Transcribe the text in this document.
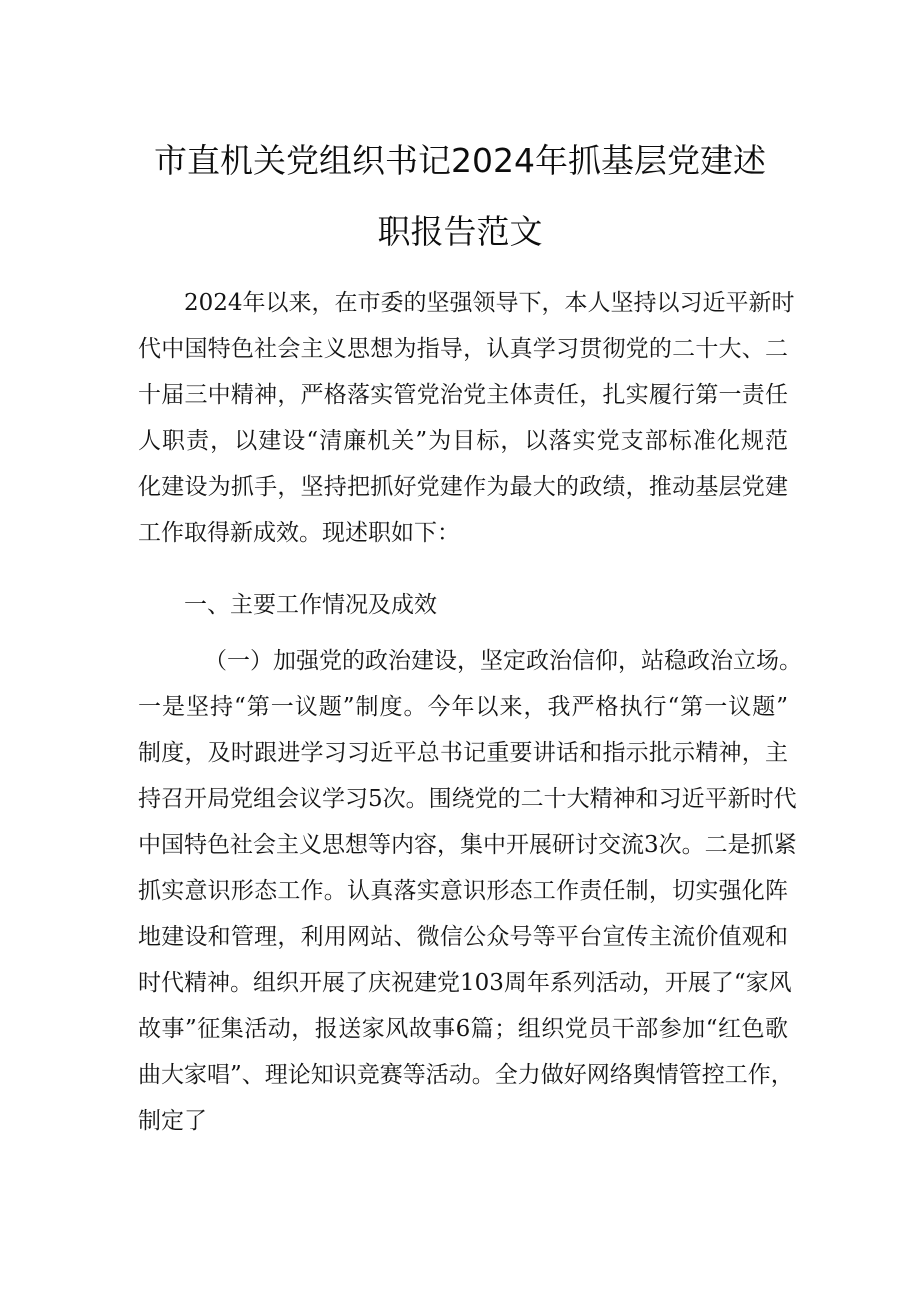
市直机关党组织书记2024年抓基层党建述
职报告范文
2024年以来，在市委的坚强领导下，本人坚持以习近平新时
代中国特色社会主义思想为指导，认真学习贯彻党的二十大、二
十届三中精神，严格落实管党治党主体责任，扎实履行第一责任
人职责，以建设“清廉机关”为目标，以落实党支部标准化规范
化建设为抓手，坚持把抓好党建作为最大的政绩，推动基层党建
工作取得新成效。现述职如下：
一、主要工作情况及成效
（一）加强党的政治建设，坚定政治信仰，站稳政治立场。
一是坚持“第一议题”制度。今年以来，我严格执行“第一议题”
制度，及时跟进学习习近平总书记重要讲话和指示批示精神，主
持召开局党组会议学习5次。围绕党的二十大精神和习近平新时代
中国特色社会主义思想等内容，集中开展研讨交流3次。二是抓紧
抓实意识形态工作。认真落实意识形态工作责任制，切实强化阵
地建设和管理，利用网站、微信公众号等平台宣传主流价值观和
时代精神。组织开展了庆祝建党103周年系列活动，开展了“家风
故事”征集活动，报送家风故事6篇；组织党员干部参加“红色歌
曲大家唱”、理论知识竞赛等活动。全力做好网络舆情管控工作，
制定了
